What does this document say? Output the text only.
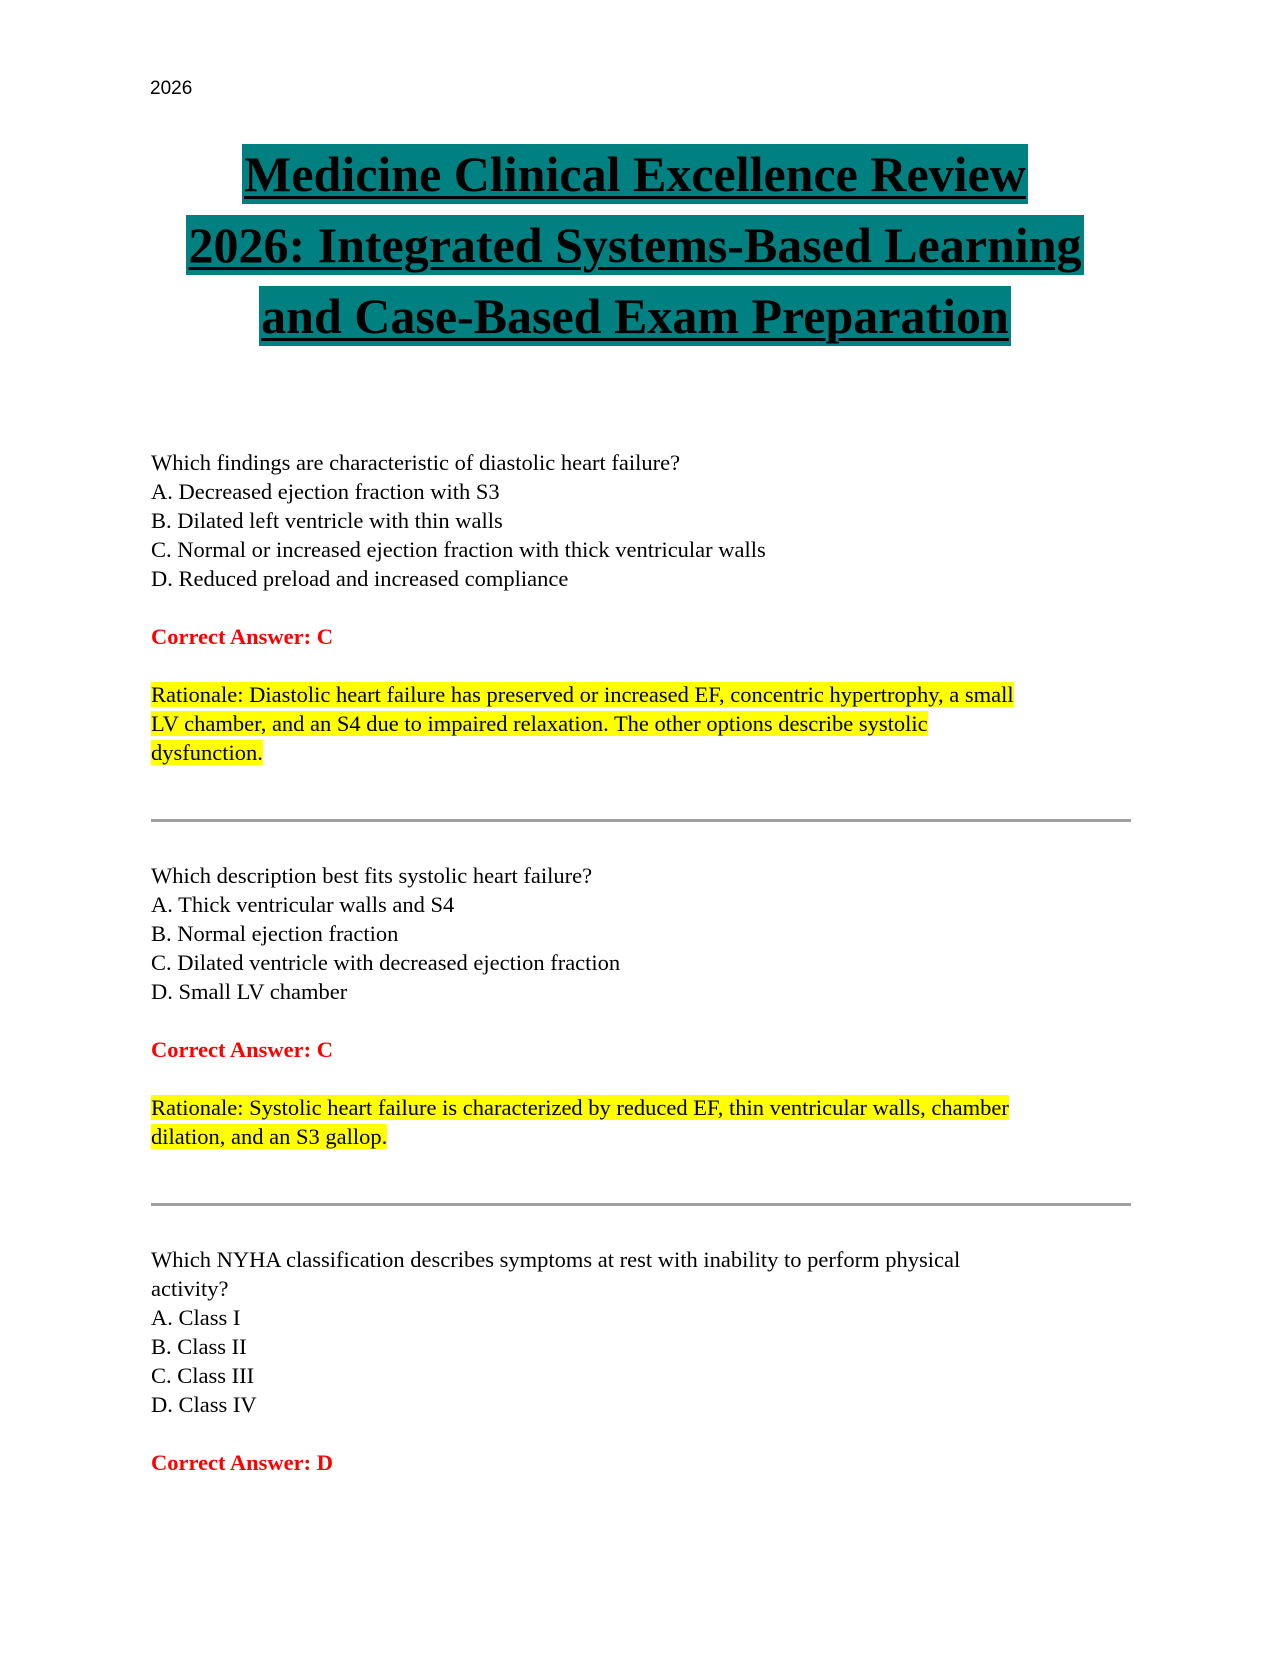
2026
Medicine Clinical Excellence Review
2026: Integrated Systems-Based Learning
and Case-Based Exam Preparation
Which findings are characteristic of diastolic heart failure?
A. Decreased ejection fraction with S3
B. Dilated left ventricle with thin walls
C. Normal or increased ejection fraction with thick ventricular walls
D. Reduced preload and increased compliance
Correct Answer: C
Rationale: Diastolic heart failure has preserved or increased EF, concentric hypertrophy, a small
LV chamber, and an S4 due to impaired relaxation. The other options describe systolic
dysfunction.
Which description best fits systolic heart failure?
A. Thick ventricular walls and S4
B. Normal ejection fraction
C. Dilated ventricle with decreased ejection fraction
D. Small LV chamber
Correct Answer: C
Rationale: Systolic heart failure is characterized by reduced EF, thin ventricular walls, chamber
dilation, and an S3 gallop.
Which NYHA classification describes symptoms at rest with inability to perform physical
activity?
A. Class I
B. Class II
C. Class III
D. Class IV
Correct Answer: D
